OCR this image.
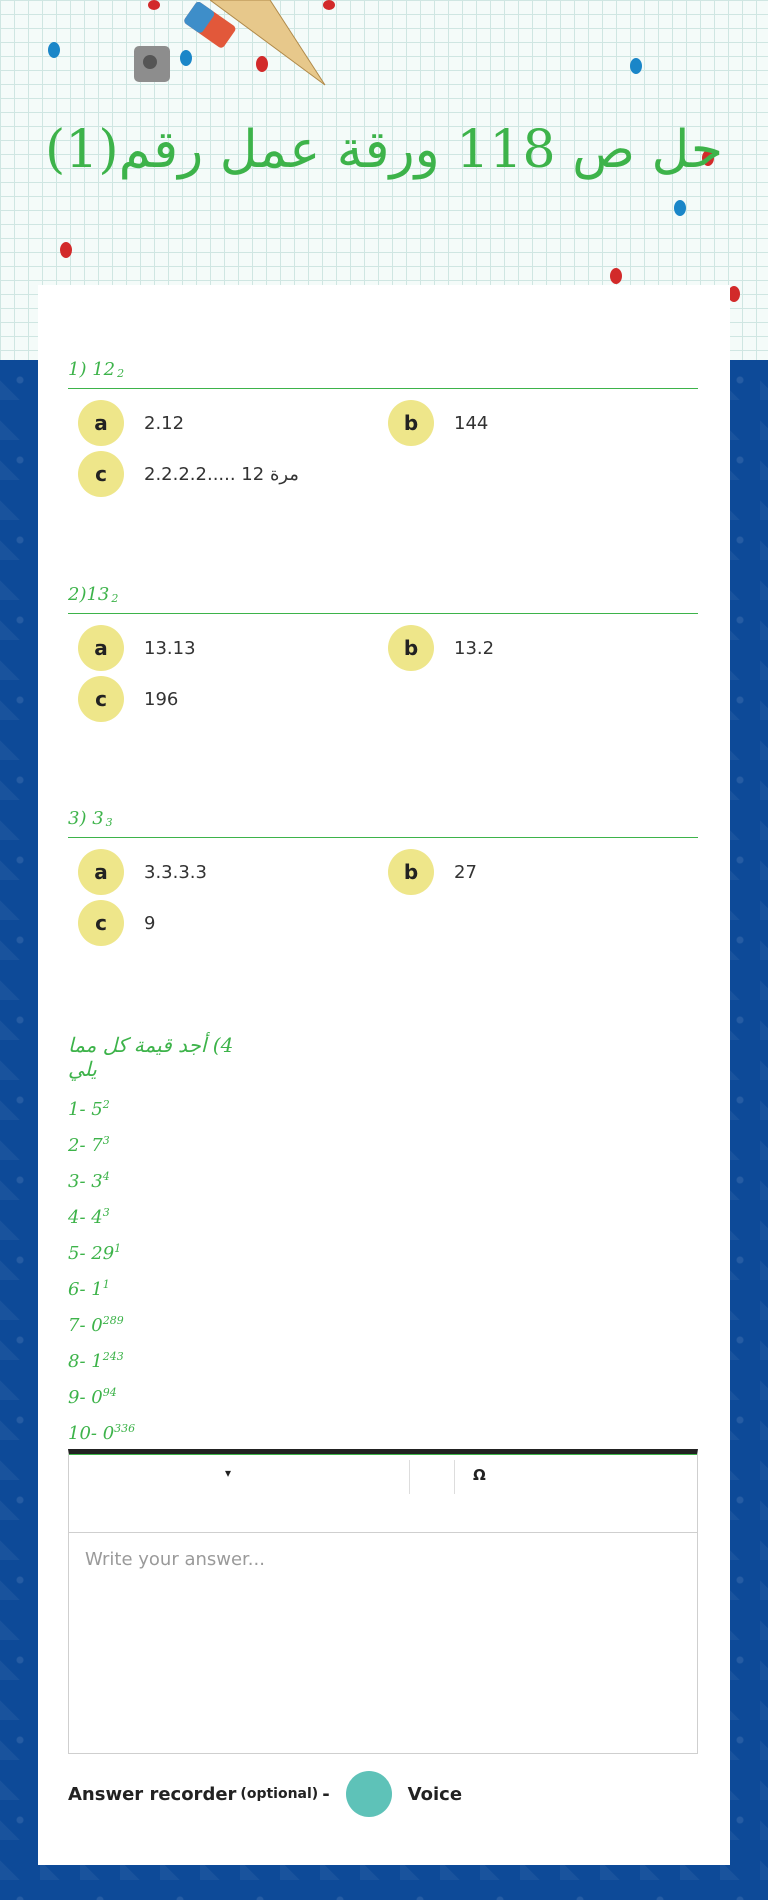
حل ص 118 ورقة عمل رقم(1)
1) $12_2$
a	2.12	b	144
c	2.2.2.2..... 12 مرة
$2)13_2$
a	13.13	b	13.2
c	196
3) $3_3$
a	3.3.3.3	b	27
c	9
4) أجد قيمة كل مما يلي
1- $5^2$
2- $7^3$
3- $3^4$
4- $4^3$
5- $29^1$
6- $1^1$
7- $0^{289}$
8- $1^{243}$
9- $0^{94}$
10- $0^{336}$
▾	Ω
Write your answer...
Answer recorder (optional) -	Voice
